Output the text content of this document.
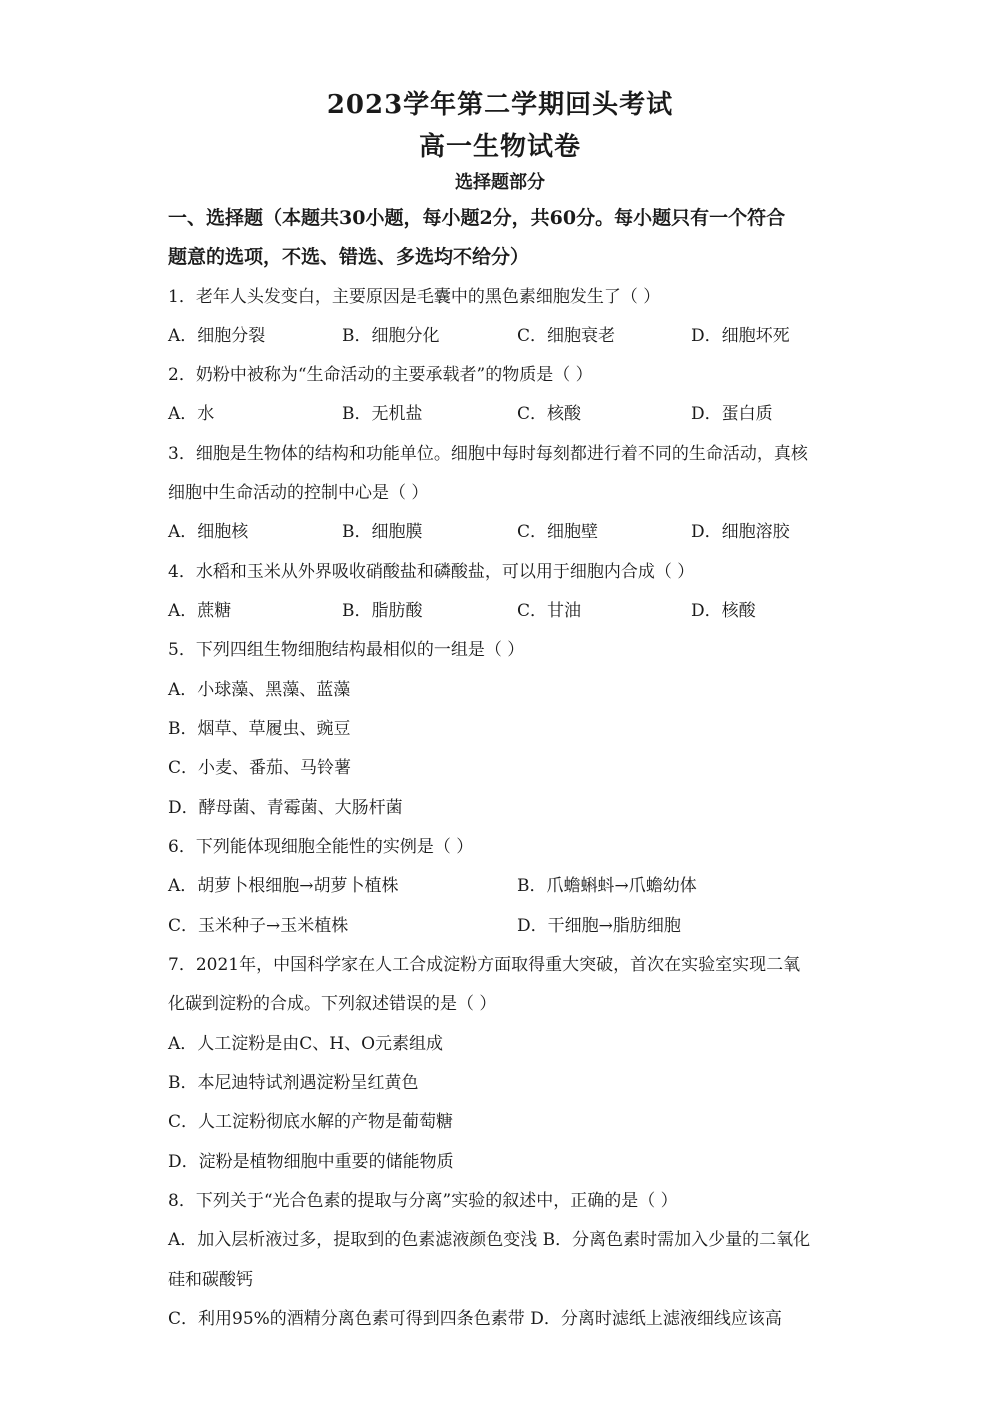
2023学年第二学期回头考试
高一生物试卷
选择题部分
一、选择题（本题共30小题，每小题2分，共60分。每小题只有一个符合
题意的选项，不选、错选、多选均不给分）
1．老年人头发变白，主要原因是毛囊中的黑色素细胞发生了（ ）
A．细胞分裂	B．细胞分化	C．细胞衰老	D．细胞坏死
2．奶粉中被称为“生命活动的主要承载者”的物质是（ ）
A．水	B．无机盐	C．核酸	D．蛋白质
3．细胞是生物体的结构和功能单位。细胞中每时每刻都进行着不同的生命活动，真核
细胞中生命活动的控制中心是（ ）
A．细胞核	B．细胞膜	C．细胞壁	D．细胞溶胶
4．水稻和玉米从外界吸收硝酸盐和磷酸盐，可以用于细胞内合成（ ）
A．蔗糖	B．脂肪酸	C．甘油	D．核酸
5．下列四组生物细胞结构最相似的一组是（ ）
A．小球藻、黑藻、蓝藻
B．烟草、草履虫、豌豆
C．小麦、番茄、马铃薯
D．酵母菌、青霉菌、大肠杆菌
6．下列能体现细胞全能性的实例是（ ）
A．胡萝卜根细胞→胡萝卜植株	B．爪蟾蝌蚪→爪蟾幼体
C．玉米种子→玉米植株	D．干细胞→脂肪细胞
7．2021年，中国科学家在人工合成淀粉方面取得重大突破，首次在实验室实现二氧
化碳到淀粉的合成。下列叙述错误的是（ ）
A．人工淀粉是由C、H、O元素组成
B．本尼迪特试剂遇淀粉呈红黄色
C．人工淀粉彻底水解的产物是葡萄糖
D．淀粉是植物细胞中重要的储能物质
8．下列关于“光合色素的提取与分离”实验的叙述中，正确的是（ ）
A．加入层析液过多，提取到的色素滤液颜色变浅 B．分离色素时需加入少量的二氧化
硅和碳酸钙
C．利用95%的酒精分离色素可得到四条色素带 D．分离时滤纸上滤液细线应该高
